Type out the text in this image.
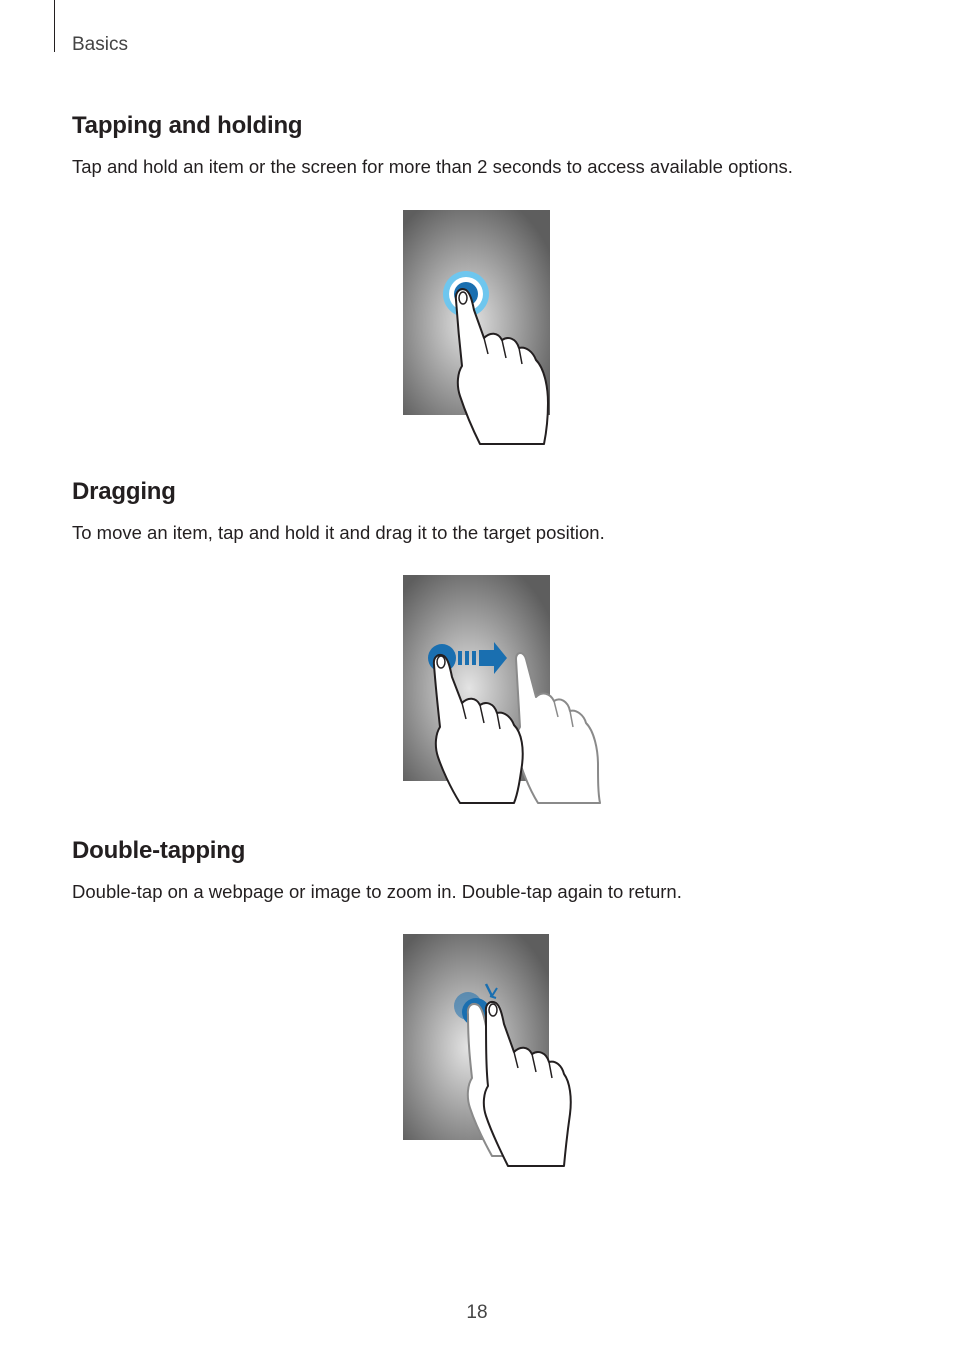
Basics
Tapping and holding

Tap and hold an item or the screen for more than 2 seconds to access available options.

Dragging

To move an item, tap and hold it and drag it to the target position.

Double-tapping

Double-tap on a webpage or image to zoom in. Double-tap again to return.

18
